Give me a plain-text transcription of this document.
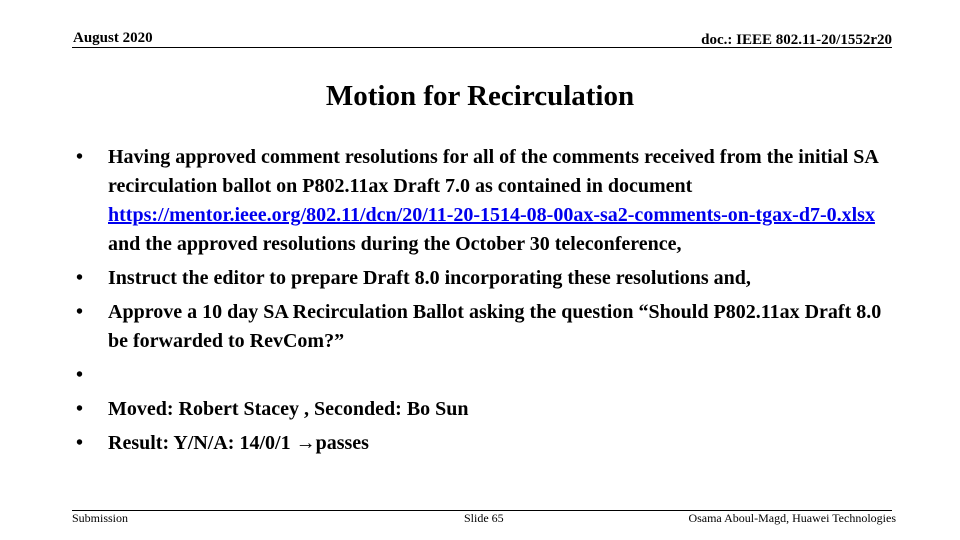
August 2020	doc.: IEEE 802.11-20/1552r20
Motion for Recirculation
• Having approved comment resolutions for all of the comments received from the initial SA recirculation ballot on P802.11ax Draft 7.0 as contained in document https://mentor.ieee.org/802.11/dcn/20/11-20-1514-08-00ax-sa2-comments-on-tgax-d7-0.xlsx and the approved resolutions during the October 30 teleconference,
• Instruct the editor to prepare Draft 8.0 incorporating these resolutions and,
• Approve a 10 day SA Recirculation Ballot asking the question “Should P802.11ax Draft 8.0 be forwarded to RevCom?”
•

• Moved: Robert Stacey , Seconded: Bo Sun
• Result: Y/N/A: 14/0/1 →passes
Submission	Slide 65	Osama Aboul-Magd, Huawei Technologies
